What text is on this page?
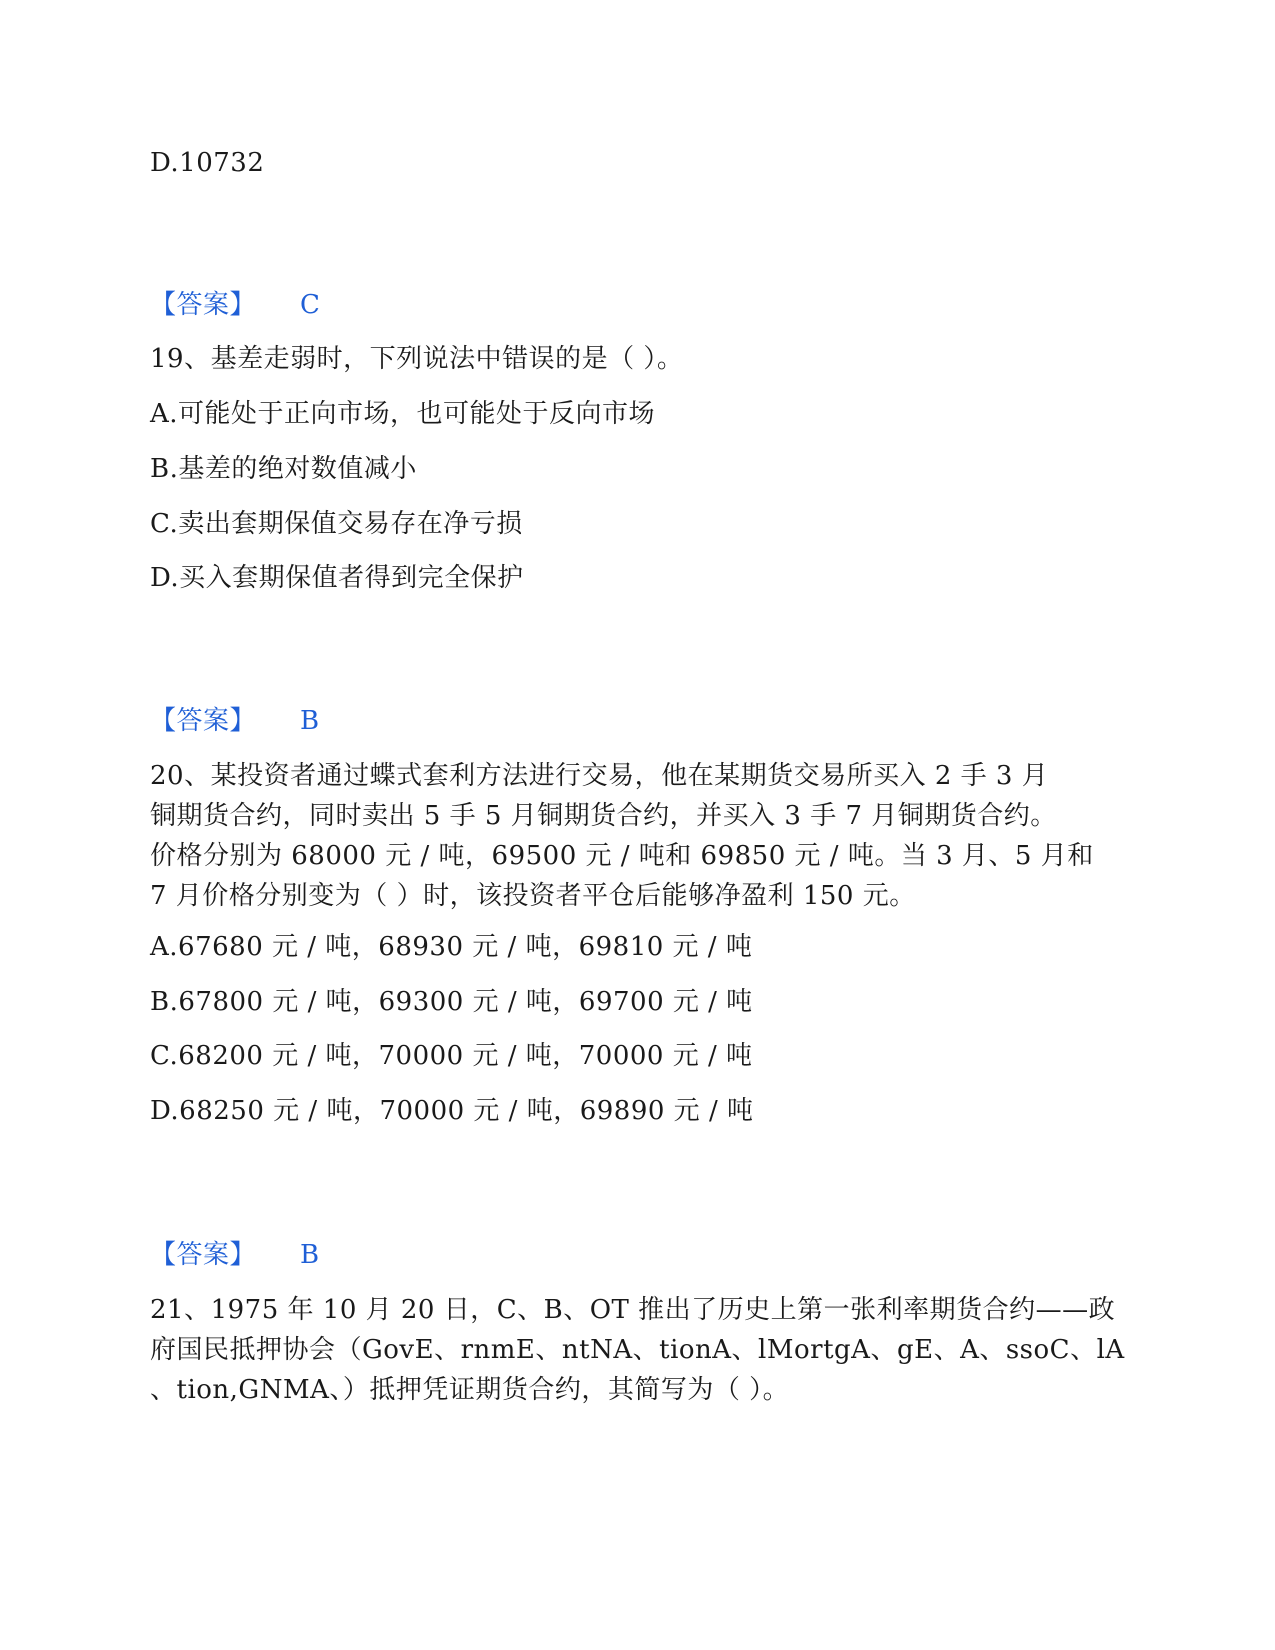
D.10732
【答案】 C
19、基差走弱时，下列说法中错误的是（ ）。
A.可能处于正向市场，也可能处于反向市场
B.基差的绝对数值减小
C.卖出套期保值交易存在净亏损
D.买入套期保值者得到完全保护
【答案】 B
20、某投资者通过蝶式套利方法进行交易，他在某期货交易所买入 2 手 3 月
铜期货合约，同时卖出 5 手 5 月铜期货合约，并买入 3 手 7 月铜期货合约。
价格分别为 68000 元 / 吨，69500 元 / 吨和 69850 元 / 吨。当 3 月、5 月和
7 月价格分别变为（ ）时，该投资者平仓后能够净盈利 150 元。
A.67680 元 / 吨，68930 元 / 吨，69810 元 / 吨
B.67800 元 / 吨，69300 元 / 吨，69700 元 / 吨
C.68200 元 / 吨，70000 元 / 吨，70000 元 / 吨
D.68250 元 / 吨，70000 元 / 吨，69890 元 / 吨
【答案】 B
21、1975 年 10 月 20 日，C、B、OT 推出了历史上第一张利率期货合约——政
府国民抵押协会（GovE、rnmE、ntNA、tionA、lMortgA、gE、A、ssoC、lA
、tion,GNMA、）抵押凭证期货合约，其简写为（ ）。
